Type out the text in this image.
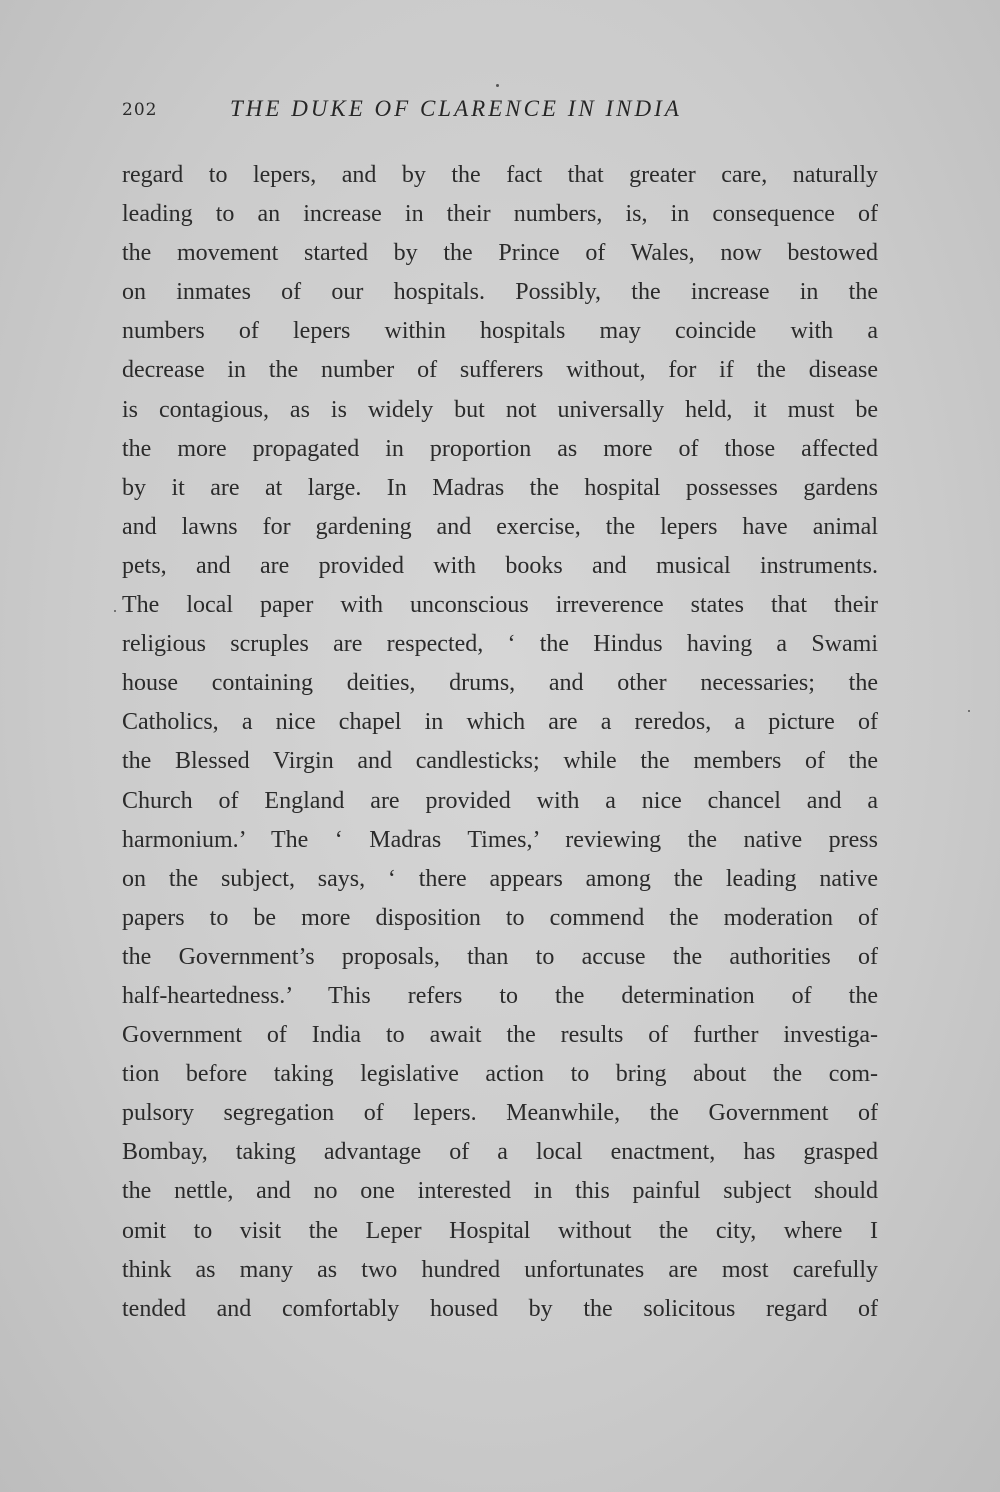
202	THE DUKE OF CLARENCE IN INDIA
regard to lepers, and by the fact that greater care, naturally
leading to an increase in their numbers, is, in consequence of
the movement started by the Prince of Wales, now bestowed
on inmates of our hospitals. Possibly, the increase in the
numbers of lepers within hospitals may coincide with a
decrease in the number of sufferers without, for if the disease
is contagious, as is widely but not universally held, it must be
the more propagated in proportion as more of those affected
by it are at large. In Madras the hospital possesses gardens
and lawns for gardening and exercise, the lepers have animal
pets, and are provided with books and musical instruments.
The local paper with unconscious irreverence states that their
religious scruples are respected, ‘ the Hindus having a Swami
house containing deities, drums, and other necessaries; the
Catholics, a nice chapel in which are a reredos, a picture of
the Blessed Virgin and candlesticks; while the members of the
Church of England are provided with a nice chancel and a
harmonium.’ The ‘ Madras Times,’ reviewing the native press
on the subject, says, ‘ there appears among the leading native
papers to be more disposition to commend the moderation of
the Government’s proposals, than to accuse the authorities of
half-heartedness.’ This refers to the determination of the
Government of India to await the results of further investiga-
tion before taking legislative action to bring about the com-
pulsory segregation of lepers. Meanwhile, the Government of
Bombay, taking advantage of a local enactment, has grasped
the nettle, and no one interested in this painful subject should
omit to visit the Leper Hospital without the city, where I
think as many as two hundred unfortunates are most carefully
tended and comfortably housed by the solicitous regard of
